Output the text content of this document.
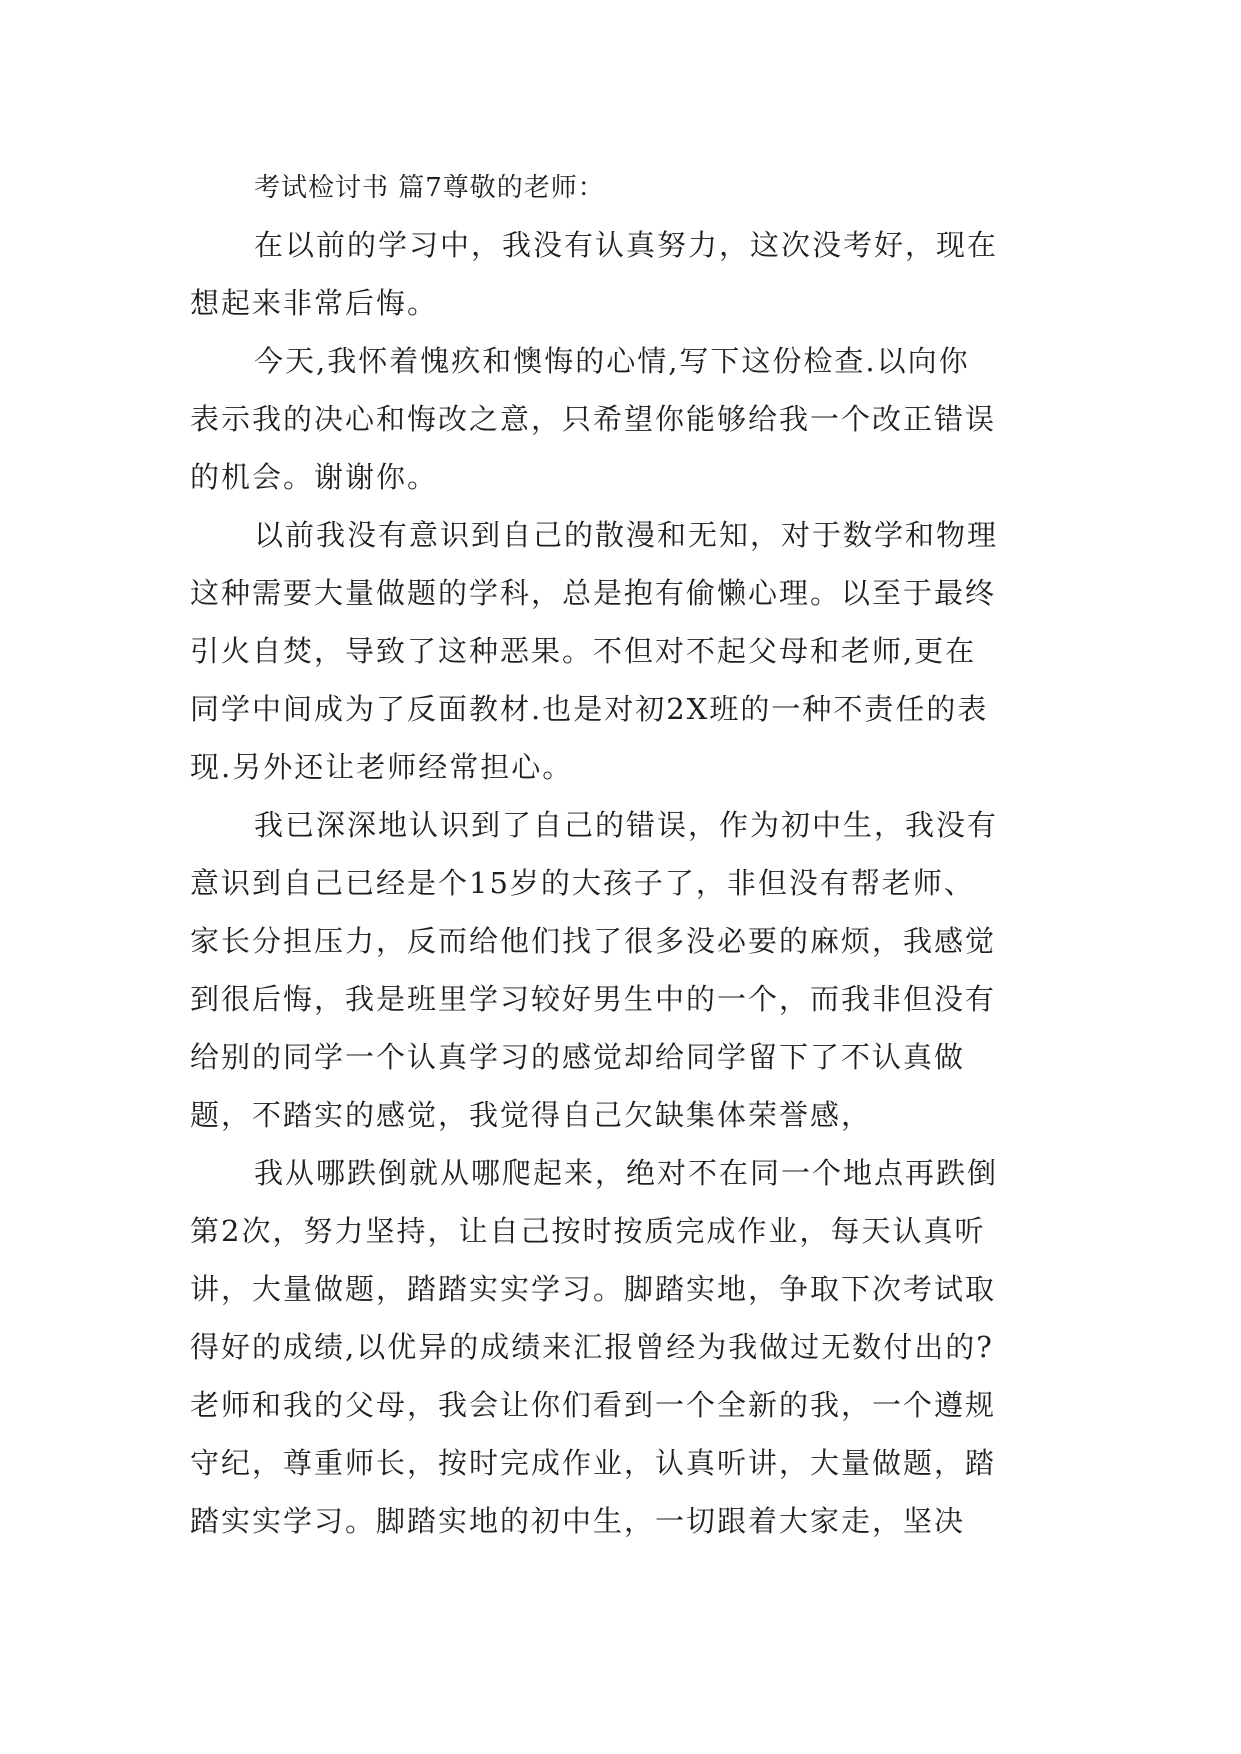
考试检讨书 篇7尊敬的老师：
在以前的学习中，我没有认真努力，这次没考好，现在
想起来非常后悔。
今天,我怀着愧疚和懊悔的心情,写下这份检查.以向你
表示我的决心和悔改之意，只希望你能够给我一个改正错误
的机会。谢谢你。
以前我没有意识到自己的散漫和无知，对于数学和物理
这种需要大量做题的学科，总是抱有偷懒心理。以至于最终
引火自焚，导致了这种恶果。不但对不起父母和老师,更在
同学中间成为了反面教材.也是对初2X班的一种不责任的表
现.另外还让老师经常担心。
我已深深地认识到了自己的错误，作为初中生，我没有
意识到自己已经是个15岁的大孩子了，非但没有帮老师、
家长分担压力，反而给他们找了很多没必要的麻烦，我感觉
到很后悔，我是班里学习较好男生中的一个，而我非但没有
给别的同学一个认真学习的感觉却给同学留下了不认真做
题，不踏实的感觉，我觉得自己欠缺集体荣誉感，
我从哪跌倒就从哪爬起来，绝对不在同一个地点再跌倒
第2次，努力坚持，让自己按时按质完成作业，每天认真听
讲，大量做题，踏踏实实学习。脚踏实地，争取下次考试取
得好的成绩,以优异的成绩来汇报曾经为我做过无数付出的?
老师和我的父母，我会让你们看到一个全新的我，一个遵规
守纪，尊重师长，按时完成作业，认真听讲，大量做题，踏
踏实实学习。脚踏实地的初中生，一切跟着大家走，坚决
